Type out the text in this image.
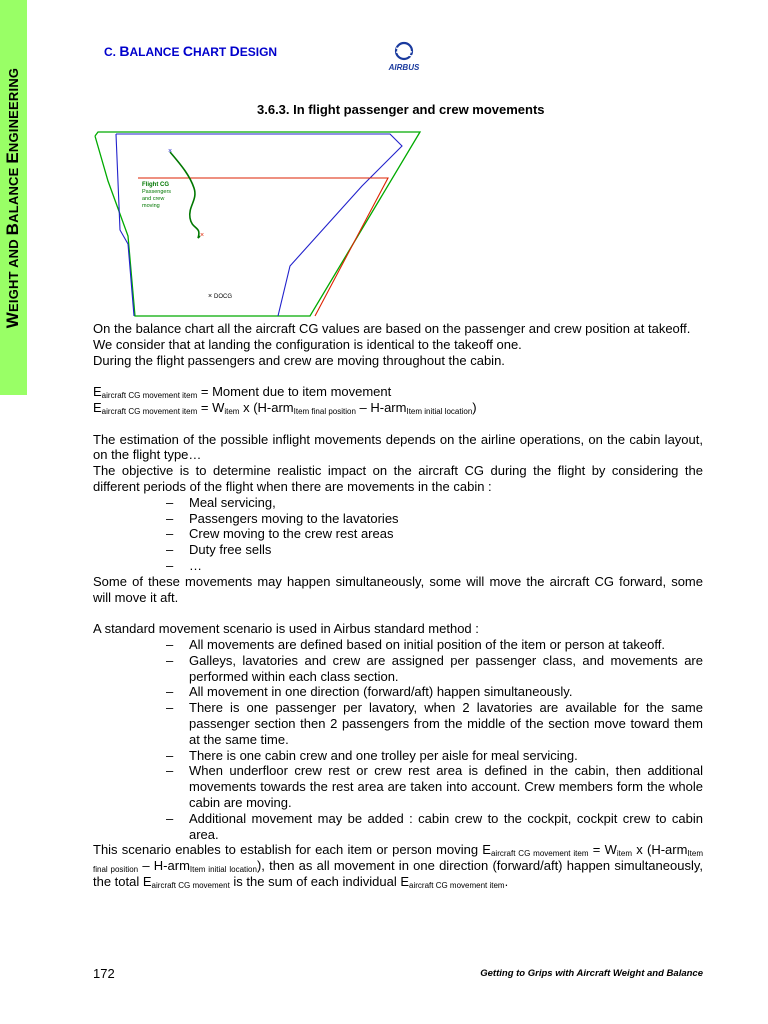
WEIGHT AND BALANCE ENGINEERING
C. BALANCE CHART DESIGN
AIRBUS
3.6.3. In flight passenger and crew movements
×
×
Flight CG
Passengers
and crew
moving
× DOCG

On the balance chart all the aircraft CG values are based on the passenger and crew position at takeoff.

We consider that at landing the configuration is identical to the takeoff one.

During the flight passengers and crew are moving throughout the cabin.

$E_{aircraft CG movement item}$ = Moment due to item movement

$E_{aircraft CG movement item} = W_{item}$ x (H-arm$_{Item final position}$ – H-arm$_{Item initial location}$)

The estimation of the possible inflight movements depends on the airline operations, on the cabin layout, on the flight type…

The objective is to determine realistic impact on the aircraft CG during the flight by considering the different periods of the flight when there are movements in the cabin :

– Meal servicing,
– Passengers moving to the lavatories
– Crew moving to the crew rest areas
– Duty free sells
– …

Some of these movements may happen simultaneously, some will move the aircraft CG forward, some will move it aft.

A standard movement scenario is used in Airbus standard method :

– All movements are defined based on initial position of the item or person at takeoff.
– Galleys, lavatories and crew are assigned per passenger class, and movements are performed within each class section.
– All movement in one direction (forward/aft) happen simultaneously.
– There is one passenger per lavatory, when 2 lavatories are available for the same passenger section then 2 passengers from the middle of the section move toward them at the same time.
– There is one cabin crew and one trolley per aisle for meal servicing.
– When underfloor crew rest or crew rest area is defined in the cabin, then additional movements towards the rest area are taken into account. Crew members form the whole cabin are moving.
– Additional movement may be added : cabin crew to the cockpit, cockpit crew to cabin area.

This scenario enables to establish for each item or person moving $E_{aircraft CG movement item} = W_{item}$ x (H-arm$_{Item final position}$ – H-arm$_{Item initial location}$), then as all movement in one direction (forward/aft) happen simultaneously, the total $E_{aircraft CG movement}$ is the sum of each individual $E_{aircraft CG movement item}$.

172	Getting to Grips with Aircraft Weight and Balance
